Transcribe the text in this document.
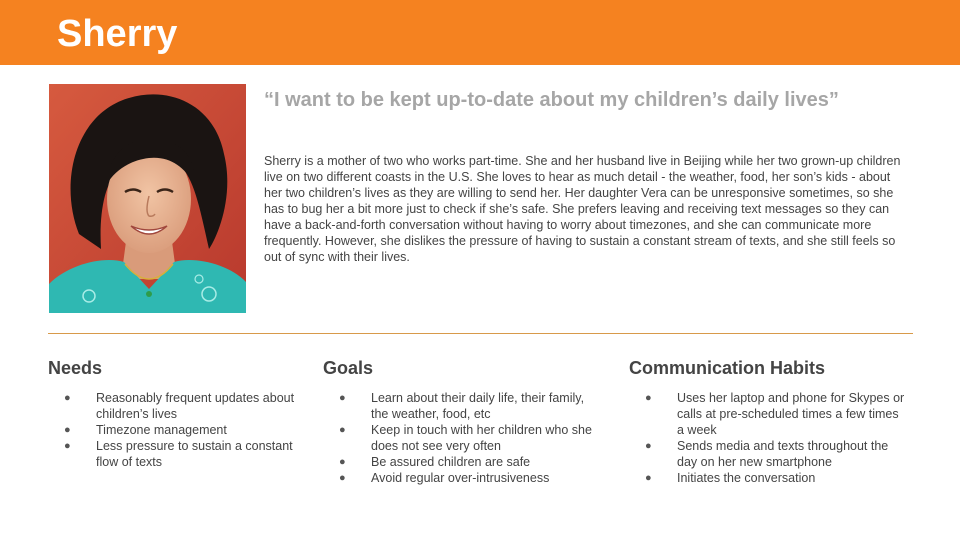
Sherry

“I want to be kept up-to-date about my children’s daily lives”

Sherry is a mother of two who works part-time. She and her husband live in Beijing while her two grown-up children live on two different coasts in the U.S. She loves to hear as much detail - the weather, food, her son’s kids - about her two children’s lives as they are willing to send her. Her daughter Vera can be unresponsive sometimes, so she has to bug her a bit more just to check if she’s safe. She prefers leaving and receiving text messages so they can have a back-and-forth conversation without having to worry about timezones, and she can communicate more frequently. However, she dislikes the pressure of having to sustain a constant stream of texts, and she still feels so out of sync with their lives.

Needs
● Reasonably frequent updates about children’s lives
● Timezone management
● Less pressure to sustain a constant flow of texts
Goals
● Learn about their daily life, their family, the weather, food, etc
● Keep in touch with her children who she does not see very often
● Be assured children are safe
● Avoid regular over-intrusiveness
Communication Habits
● Uses her laptop and phone for Skypes or calls at pre-scheduled times a few times a week
● Sends media and texts throughout the day on her new smartphone
● Initiates the conversation
